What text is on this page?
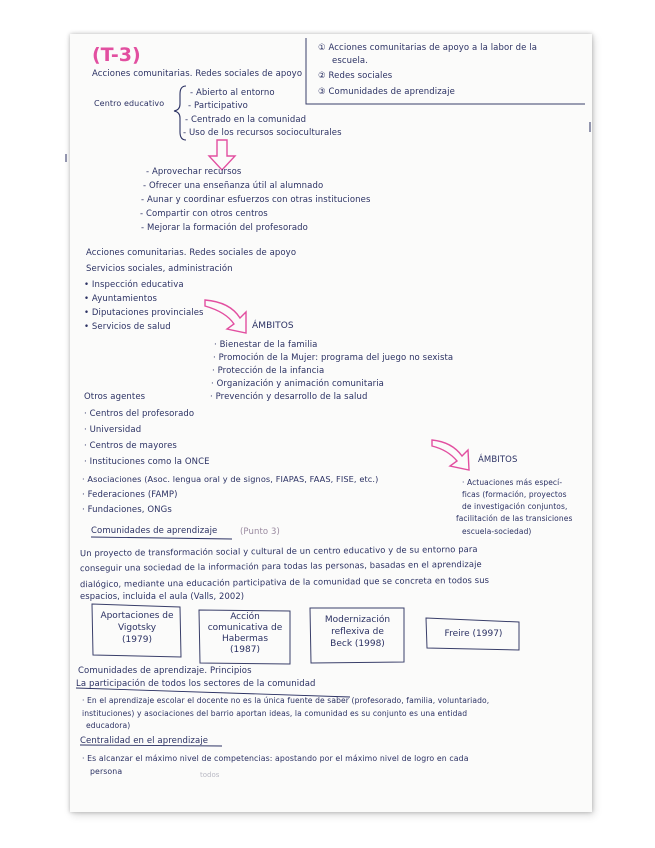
(T-3)	① Acciones comunitarias de apoyo a la labor de la
escuela.
② Redes sociales
③ Comunidades de aprendizaje
Acciones comunitarias. Redes sociales de apoyo
Centro educativo
- Abierto al entorno
- Participativo
- Centrado en la comunidad
- Uso de los recursos socioculturales
- Aprovechar recursos
- Ofrecer una enseñanza útil al alumnado
- Aunar y coordinar esfuerzos con otras instituciones
- Compartir con otros centros
- Mejorar la formación del profesorado
Acciones comunitarias. Redes sociales de apoyo
Servicios sociales, administración
• Inspección educativa
• Ayuntamientos
• Diputaciones provinciales
• Servicios de salud	ÁMBITOS
· Bienestar de la familia
· Promoción de la Mujer: programa del juego no sexista
· Protección de la infancia
· Organización y animación comunitaria
· Prevención y desarrollo de la salud
Otros agentes
· Centros del profesorado
· Universidad
· Centros de mayores
· Instituciones como la ONCE
· Asociaciones (Asoc. lengua oral y de signos, FIAPAS, FAAS, FISE, etc.)
· Federaciones (FAMP)
· Fundaciones, ONGs
ÁMBITOS
· Actuaciones más especí-
ficas (formación, proyectos
de investigación conjuntos,
facilitación de las transiciones
escuela-sociedad)
Comunidades de aprendizaje	(Punto 3)
Un proyecto de transformación social y cultural de un centro educativo y de su entorno para
conseguir una sociedad de la información para todas las personas, basadas en el aprendizaje
dialógico, mediante una educación participativa de la comunidad que se concreta en todos sus
espacios, incluida el aula (Valls, 2002)
Aportaciones de
Vigotsky
(1979)
Acción
comunicativa de
Habermas
(1987)
Modernización
reflexiva de
Beck (1998)
Freire (1997)
Comunidades de aprendizaje. Principios
La participación de todos los sectores de la comunidad
· En el aprendizaje escolar el docente no es la única fuente de saber (profesorado, familia, voluntariado,
instituciones) y asociaciones del barrio aportan ideas, la comunidad es su conjunto es una entidad
educadora)
Centralidad en el aprendizaje
· Es alcanzar el máximo nivel de competencias: apostando por el máximo nivel de logro en cada
persona	todos
